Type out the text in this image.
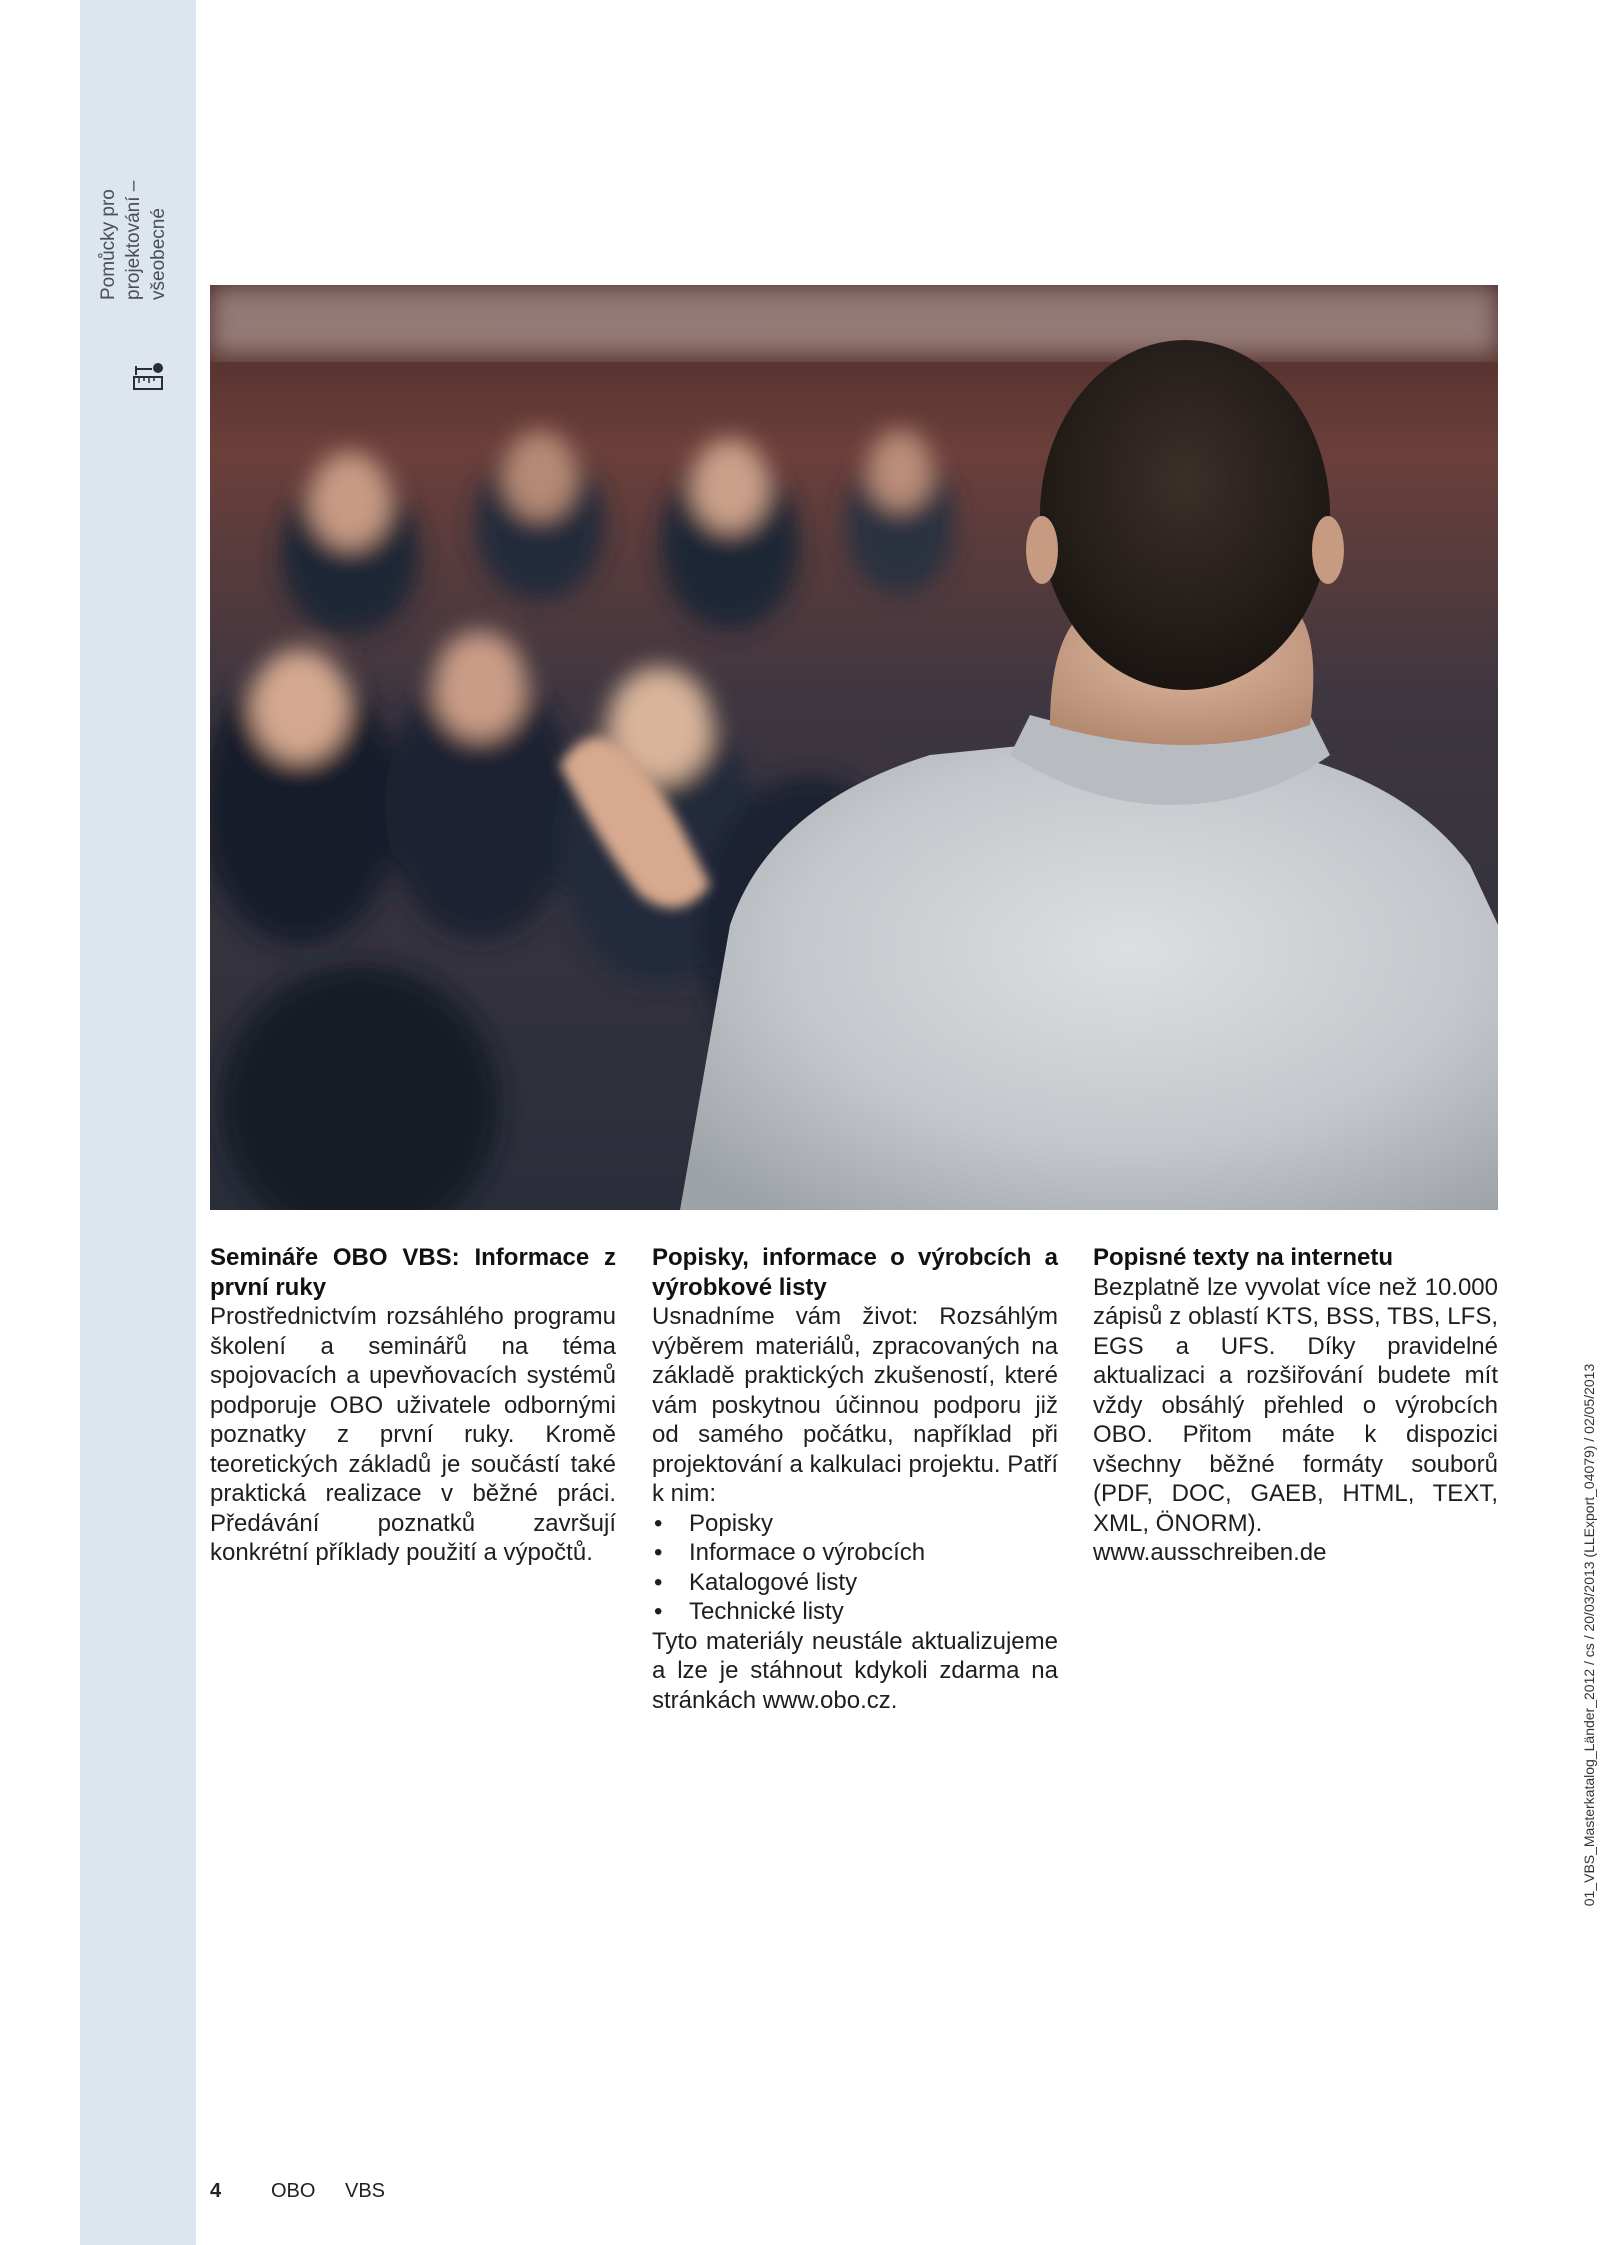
Pomůcky pro
projektování –
všeobecné

Semináře OBO VBS: Informace z první ruky

Prostřednictvím rozsáhlého programu školení a seminářů na téma spojovacích a upevňovacích systémů podporuje OBO uživatele odbornými poznatky z první ruky. Kromě teoretických základů je součástí také praktická realizace v běžné práci. Předávání poznatků završují konkrétní příklady použití a výpočtů.

Popisky, informace o výrobcích a výrobkové listy

Usnadníme vám život: Rozsáhlým výběrem materiálů, zpracovaných na základě praktických zkušeností, které vám poskytnou účinnou podporu již od samého počátku, například při projektování a kalkulaci projektu. Patří k nim:

• Popisky
• Informace o výrobcích
• Katalogové listy
• Technické listy

Tyto materiály neustále aktualizujeme a lze je stáhnout kdykoli zdarma na stránkách www.obo.cz.

Popisné texty na internetu

Bezplatně lze vyvolat více než 10.000 zápisů z oblastí KTS, BSS, TBS, LFS, EGS a UFS. Díky pravidelné aktualizaci a rozšiřování budete mít vždy obsáhlý přehled o výrobcích OBO. Přitom máte k dispozici všechny běžné formáty souborů (PDF, DOC, GAEB, HTML, TEXT, XML, ÖNORM).

www.ausschreiben.de	01_VBS_Masterkatalog_Länder_2012 / cs / 20/03/2013 (LLExport_04079) / 02/05/2013
4 OBO VBS
